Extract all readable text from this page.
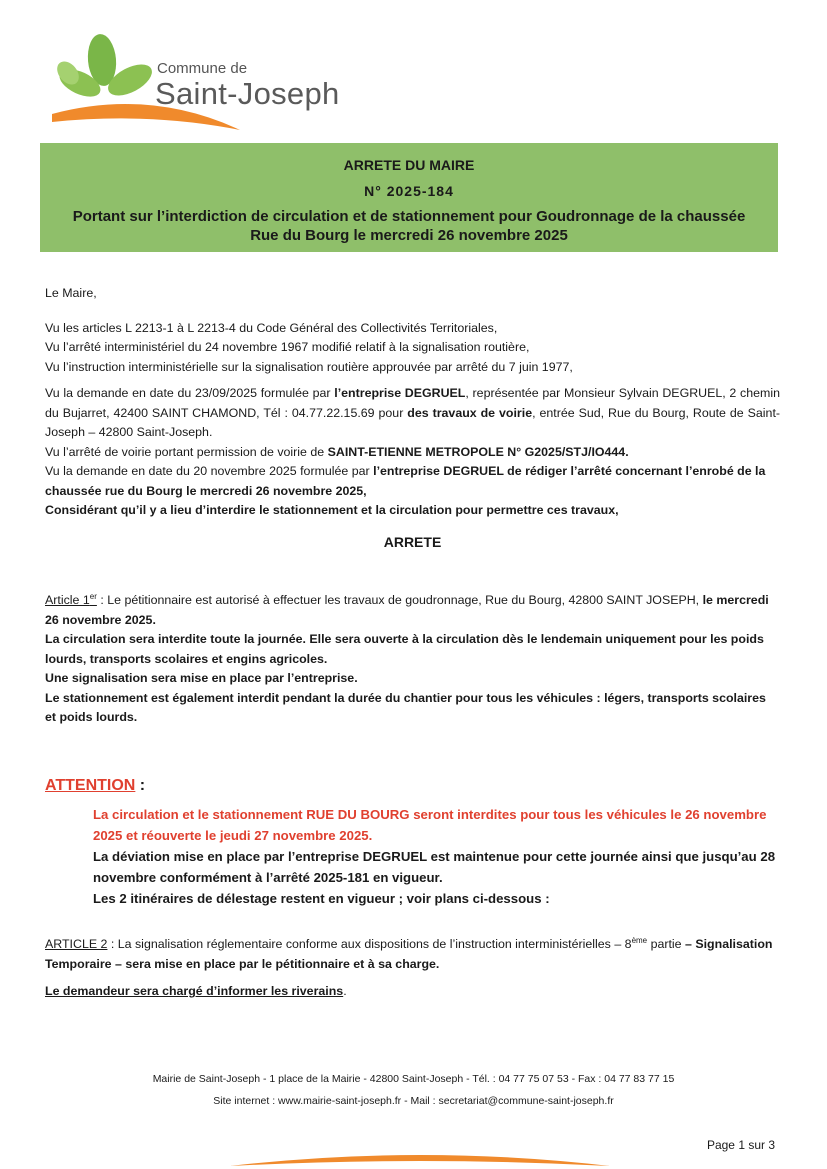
Commune de
Saint-Joseph
ARRETE DU MAIRE
N° 2025-184
Portant sur l’interdiction de circulation et de stationnement pour Goudronnage de la chaussée Rue du Bourg le mercredi 26 novembre 2025

Le Maire,

Vu les articles L 2213-1 à L 2213-4 du Code Général des Collectivités Territoriales,

Vu l’arrêté interministériel du 24 novembre 1967 modifié relatif à la signalisation routière,

Vu l’instruction interministérielle sur la signalisation routière approuvée par arrêté du 7 juin 1977,

Vu la demande en date du 23/09/2025 formulée par l’entreprise DEGRUEL, représentée par Monsieur Sylvain DEGRUEL, 2 chemin du Bujarret, 42400 SAINT CHAMOND, Tél : 04.77.22.15.69 pour des travaux de voirie, entrée Sud, Rue du Bourg, Route de Saint-Joseph – 42800 Saint-Joseph.

Vu l’arrêté de voirie portant permission de voirie de SAINT-ETIENNE METROPOLE N° G2025/STJ/IO444.

Vu la demande en date du 20 novembre 2025 formulée par l’entreprise DEGRUEL de rédiger l’arrêté concernant l’enrobé de la chaussée rue du Bourg le mercredi 26 novembre 2025,

Considérant qu’il y a lieu d’interdire le stationnement et la circulation pour permettre ces travaux,

ARRETE

Article 1er : Le pétitionnaire est autorisé à effectuer les travaux de goudronnage, Rue du Bourg, 42800 SAINT JOSEPH, le mercredi 26 novembre 2025.

La circulation sera interdite toute la journée. Elle sera ouverte à la circulation dès le lendemain uniquement pour les poids lourds, transports scolaires et engins agricoles.

Une signalisation sera mise en place par l’entreprise.

Le stationnement est également interdit pendant la durée du chantier pour tous les véhicules : légers, transports scolaires et poids lourds.

ATTENTION :

La circulation et le stationnement RUE DU BOURG seront interdites pour tous les véhicules le 26 novembre 2025 et réouverte le jeudi 27 novembre 2025.

La déviation mise en place par l’entreprise DEGRUEL est maintenue pour cette journée ainsi que jusqu’au 28 novembre conformément à l’arrêté 2025-181 en vigueur.

Les 2 itinéraires de délestage restent en vigueur ; voir plans ci-dessous :

ARTICLE 2 : La signalisation réglementaire conforme aux dispositions de l’instruction interministérielles – 8ème partie – Signalisation Temporaire – sera mise en place par le pétitionnaire et à sa charge.

Le demandeur sera chargé d’informer les riverains.

Mairie de Saint-Joseph - 1 place de la Mairie - 42800 Saint-Joseph - Tél. : 04 77 75 07 53 - Fax : 04 77 83 77 15
Site internet : www.mairie-saint-joseph.fr - Mail : secretariat@commune-saint-joseph.fr
Page 1 sur 3
